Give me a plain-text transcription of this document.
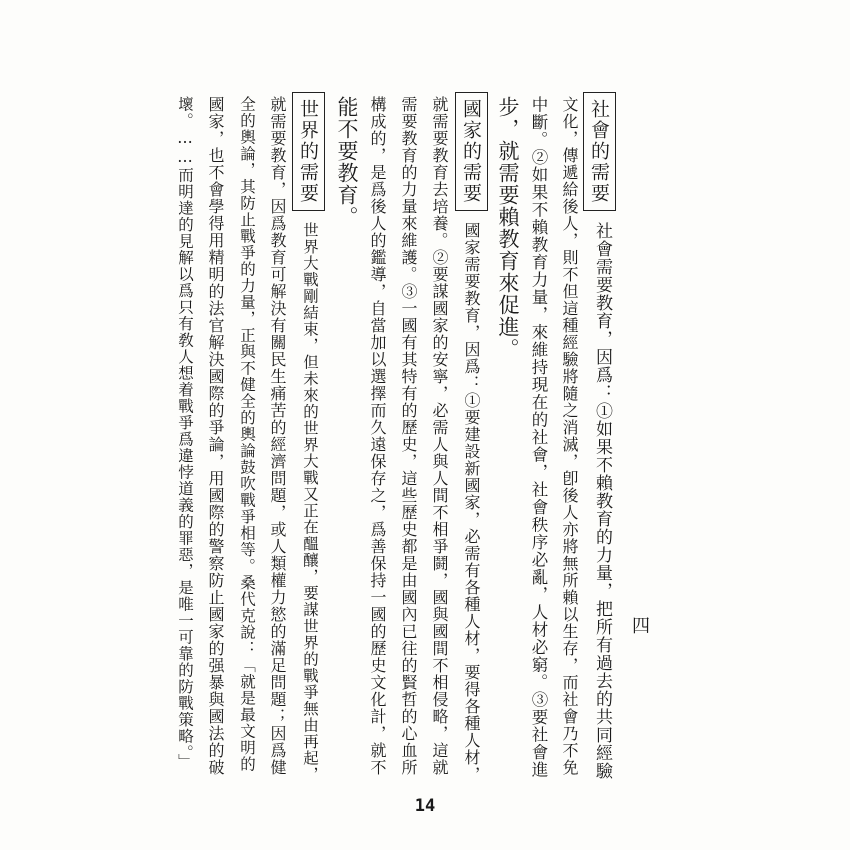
社會的需要
社會需要教育，因爲：①如果不賴教育的力量，把所有過去的共同經驗
文化，傳遞給後人，則不但這種經驗將隨之消滅，卽後人亦將無所賴以生存，而社會乃不免
中斷。②如果不賴教育力量，來維持現在的社會，社會秩序必亂，人材必窮。③要社會進
步，就需要賴教育來促進。
國家的需要
國家需要教育，因爲：①要建設新國家，必需有各種人材，要得各種人材，
就需要教育去培養。②要謀國家的安寧，必需人與人間不相爭鬪，國與國間不相侵略，這就
需要教育的力量來維護。③一國有其特有的歷史，這些歷史都是由國內已往的賢哲的心血所
構成的，是爲後人的鑑導，自當加以選擇而久遠保存之，爲善保持一國的歷史文化計，就不
能不要教育。
世界的需要
世界大戰剛結束，但未來的世界大戰又正在醞釀，要謀世界的戰爭無由再起，
就需要教育，因爲教育可解決有關民生痛苦的經濟問題，或人類權力慾的滿足問題；因爲健
全的輿論，其防止戰爭的力量，正與不健全的輿論鼓吹戰爭相等。桑代克說：「就是最文明的
國家，也不會學得用精明的法官解決國際的爭論，用國際的警察防止國家的强暴與國法的破
壞。……而明達的見解以爲只有敎人想着戰爭爲違悖道義的罪惡，是唯一可靠的防戰策略。」	四
14
